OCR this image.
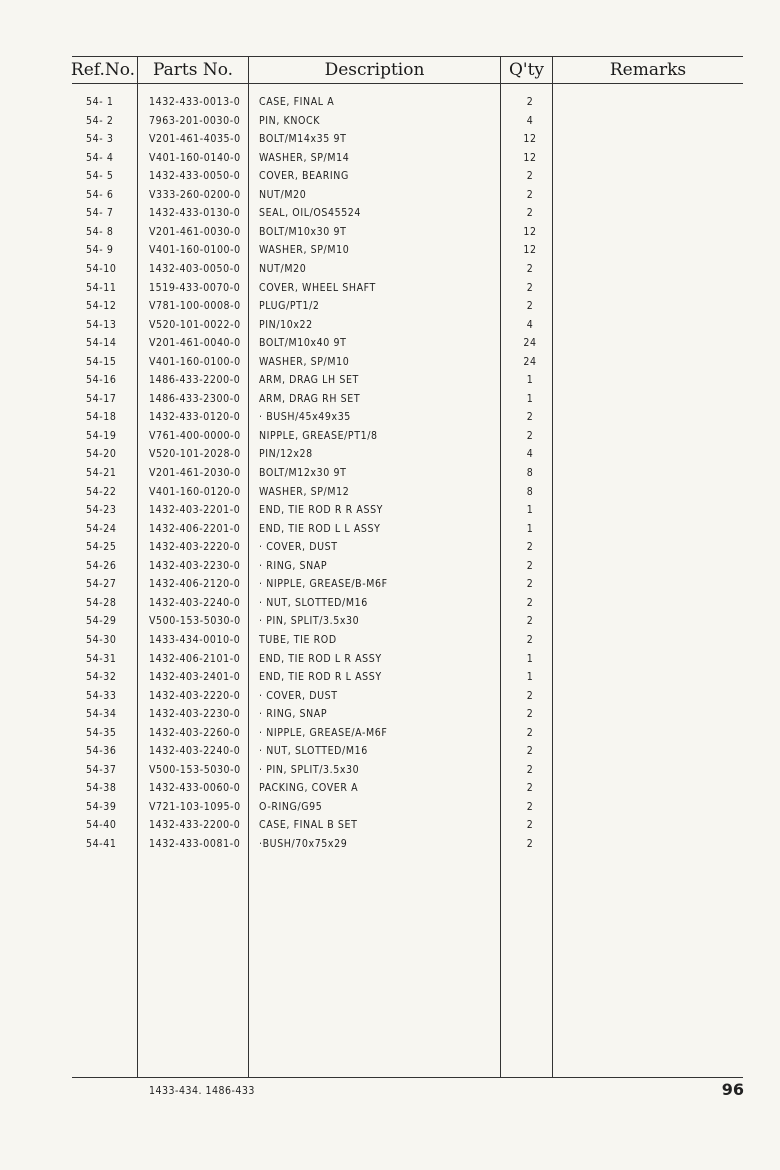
Ref.No.	Parts No.	Description	Q'ty	Remarks
54- 1	1432-433-0013-0 CASE, FINAL A	2
54- 2	7963-201-0030-0 PIN, KNOCK	4
54- 3	V201-461-4035-0 BOLT/M14x35 9T	12
54- 4	V401-160-0140-0 WASHER, SP/M14	12
54- 5	1432-433-0050-0 COVER, BEARING	2
54- 6	V333-260-0200-0 NUT/M20	2
54- 7	1432-433-0130-0 SEAL, OIL/OS45524	2
54- 8	V201-461-0030-0 BOLT/M10x30 9T	12
54- 9	V401-160-0100-0 WASHER, SP/M10	12
54-10	1432-403-0050-0 NUT/M20	2
54-11	1519-433-0070-0 COVER, WHEEL SHAFT	2
54-12	V781-100-0008-0 PLUG/PT1/2	2
54-13	V520-101-0022-0 PIN/10x22	4
54-14	V201-461-0040-0 BOLT/M10x40 9T	24
54-15	V401-160-0100-0 WASHER, SP/M10	24
54-16	1486-433-2200-0 ARM, DRAG LH SET	1
54-17	1486-433-2300-0 ARM, DRAG RH SET	1
54-18	1432-433-0120-0 · BUSH/45x49x35	2
54-19	V761-400-0000-0 NIPPLE, GREASE/PT1/8	2
54-20	V520-101-2028-0 PIN/12x28	4
54-21	V201-461-2030-0 BOLT/M12x30 9T	8
54-22	V401-160-0120-0 WASHER, SP/M12	8
54-23	1432-403-2201-0 END, TIE ROD R R ASSY	1
54-24	1432-406-2201-0 END, TIE ROD L L ASSY	1
54-25	1432-403-2220-0 · COVER, DUST	2
54-26	1432-403-2230-0 · RING, SNAP	2
54-27	1432-406-2120-0 · NIPPLE, GREASE/B-M6F	2
54-28	1432-403-2240-0 · NUT, SLOTTED/M16	2
54-29	V500-153-5030-0 · PIN, SPLIT/3.5x30	2
54-30	1433-434-0010-0 TUBE, TIE ROD	2
54-31	1432-406-2101-0 END, TIE ROD L R ASSY	1
54-32	1432-403-2401-0 END, TIE ROD R L ASSY	1
54-33	1432-403-2220-0 · COVER, DUST	2
54-34	1432-403-2230-0 · RING, SNAP	2
54-35	1432-403-2260-0 · NIPPLE, GREASE/A-M6F	2
54-36	1432-403-2240-0 · NUT, SLOTTED/M16	2
54-37	V500-153-5030-0 · PIN, SPLIT/3.5x30	2
54-38	1432-433-0060-0 PACKING, COVER A	2
54-39	V721-103-1095-0 O-RING/G95	2
54-40	1432-433-2200-0 CASE, FINAL B SET	2
54-41	1432-433-0081-0 ·BUSH/70x75x29	2
1433-434. 1486-433	96
